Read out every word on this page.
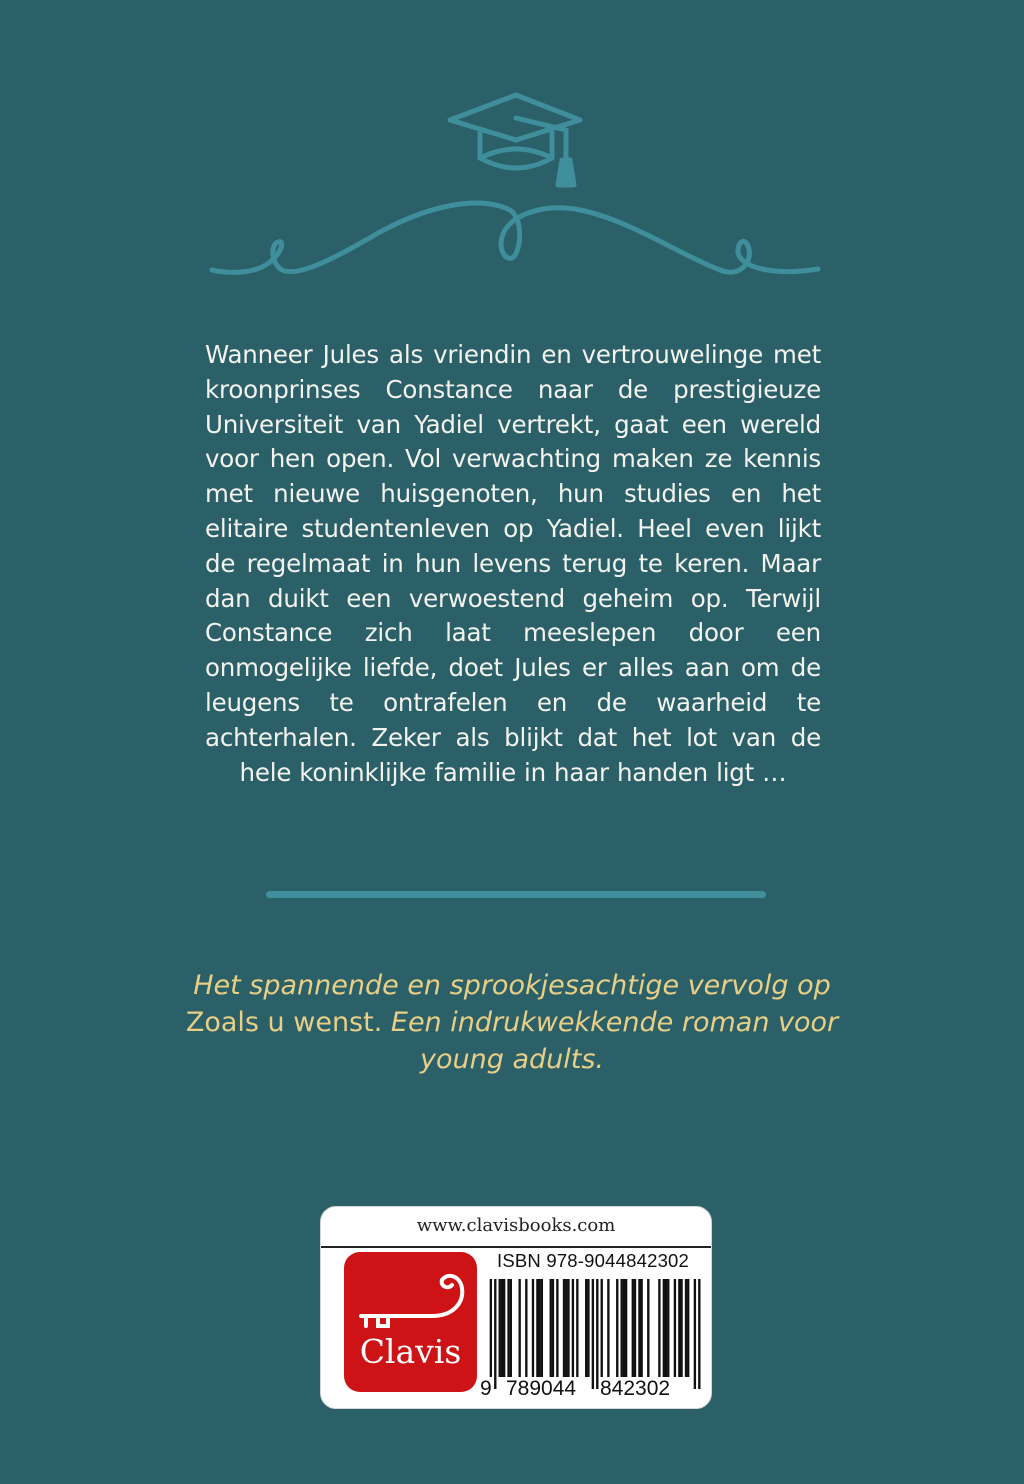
Wanneer Jules als vriendin en vertrouwelinge met kroonprinses Constance naar de prestigieuze Universiteit van Yadiel vertrekt, gaat een wereld voor hen open. Vol verwachting maken ze kennis met nieuwe huisgenoten, hun studies en het elitaire studentenleven op Yadiel. Heel even lijkt de regelmaat in hun levens terug te keren. Maar dan duikt een verwoestend geheim op. Terwijl Constance zich laat meeslepen door een onmogelijke liefde, doet Jules er alles aan om de leugens te ontrafelen en de waarheid te achterhalen. Zeker als blijkt dat het lot van de hele koninklijke familie in haar handen ligt …
Het spannende en sprookjesachtige vervolg op Zoals u wenst. Een indrukwekkende roman voor young adults.
www.clavisbooks.com
Clavis
ISBN 978-9044842302
9 789044 842302
